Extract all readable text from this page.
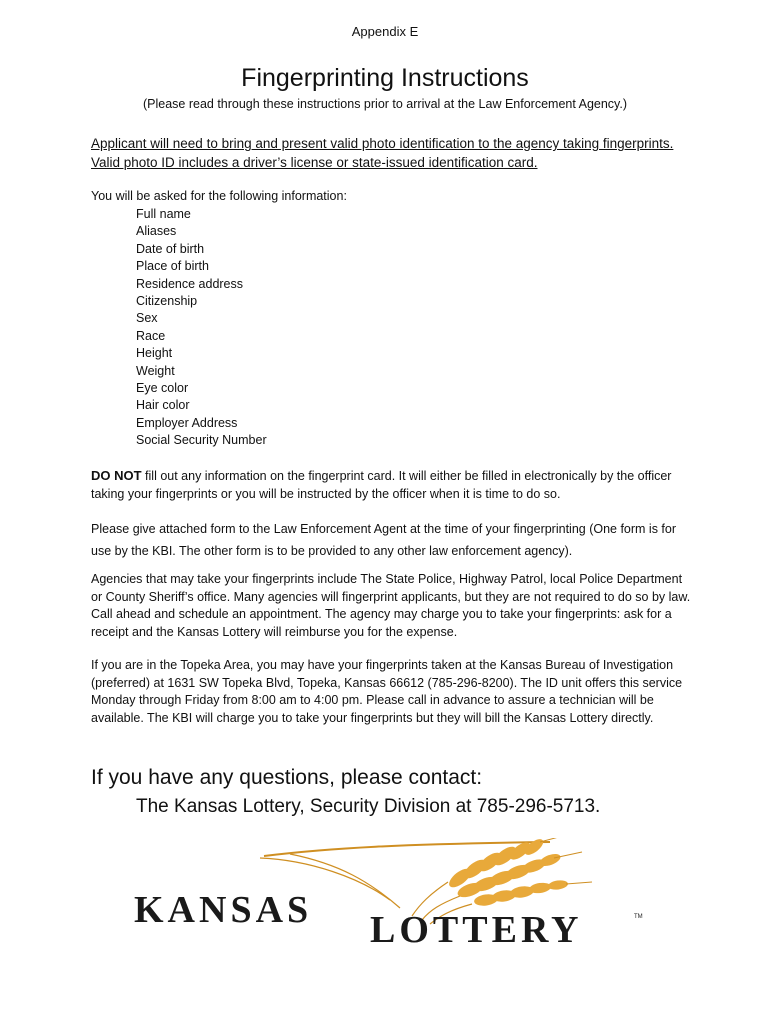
Appendix E
Fingerprinting Instructions
(Please read through these instructions prior to arrival at the Law Enforcement Agency.)
Applicant will need to bring and present valid photo identification to the agency taking fingerprints. Valid photo ID includes a driver’s license or state-issued identification card.
You will be asked for the following information:
Full name
Aliases
Date of birth
Place of birth
Residence address
Citizenship
Sex
Race
Height
Weight
Eye color
Hair color
Employer Address
Social Security Number

DO NOT fill out any information on the fingerprint card. It will either be filled in electronically by the officer taking your fingerprints or you will be instructed by the officer when it is time to do so.

Please give attached form to the Law Enforcement Agent at the time of your fingerprinting (One form is for use by the KBI. The other form is to be provided to any other law enforcement agency).

Agencies that may take your fingerprints include The State Police, Highway Patrol, local Police Department or County Sheriff’s office. Many agencies will fingerprint applicants, but they are not required to do so by law. Call ahead and schedule an appointment. The agency may charge you to take your fingerprints: ask for a receipt and the Kansas Lottery will reimburse you for the expense.

If you are in the Topeka Area, you may have your fingerprints taken at the Kansas Bureau of Investigation (preferred) at 1631 SW Topeka Blvd, Topeka, Kansas 66612 (785-296-8200). The ID unit offers this service Monday through Friday from 8:00 am to 4:00 pm. Please call in advance to assure a technician will be available. The KBI will charge you to take your fingerprints but they will bill the Kansas Lottery directly.

If you have any questions, please contact:
The Kansas Lottery, Security Division at 785-296-5713.
KANSAS LOTTERY	TM
